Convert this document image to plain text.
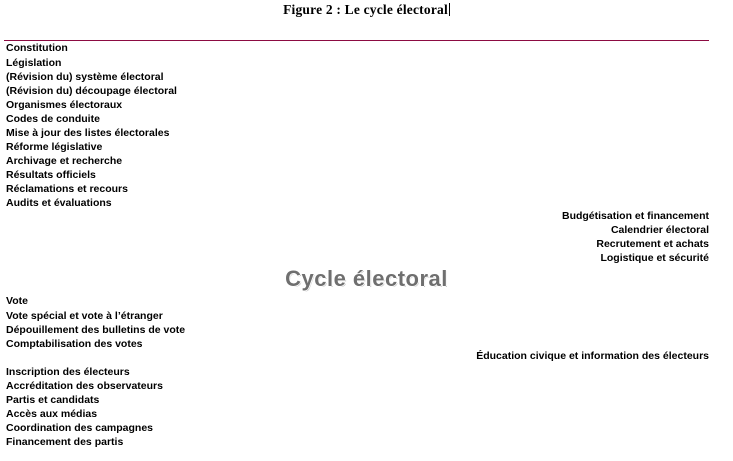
Figure 2 : Le cycle électoral
Constitution
Législation
(Révision du) système électoral
(Révision du) découpage électoral
Organismes électoraux
Codes de conduite
Mise à jour des listes électorales
Réforme législative
Archivage et recherche
Résultats officiels
Réclamations et recours
Audits et évaluations
Budgétisation et financement
Calendrier électoral
Recrutement et achats
Logistique et sécurité
Cycle électoral
Vote
Vote spécial et vote à l’étranger
Dépouillement des bulletins de vote
Comptabilisation des votes
Éducation civique et information des électeurs
Inscription des électeurs
Accréditation des observateurs
Partis et candidats
Accès aux médias
Coordination des campagnes
Financement des partis
